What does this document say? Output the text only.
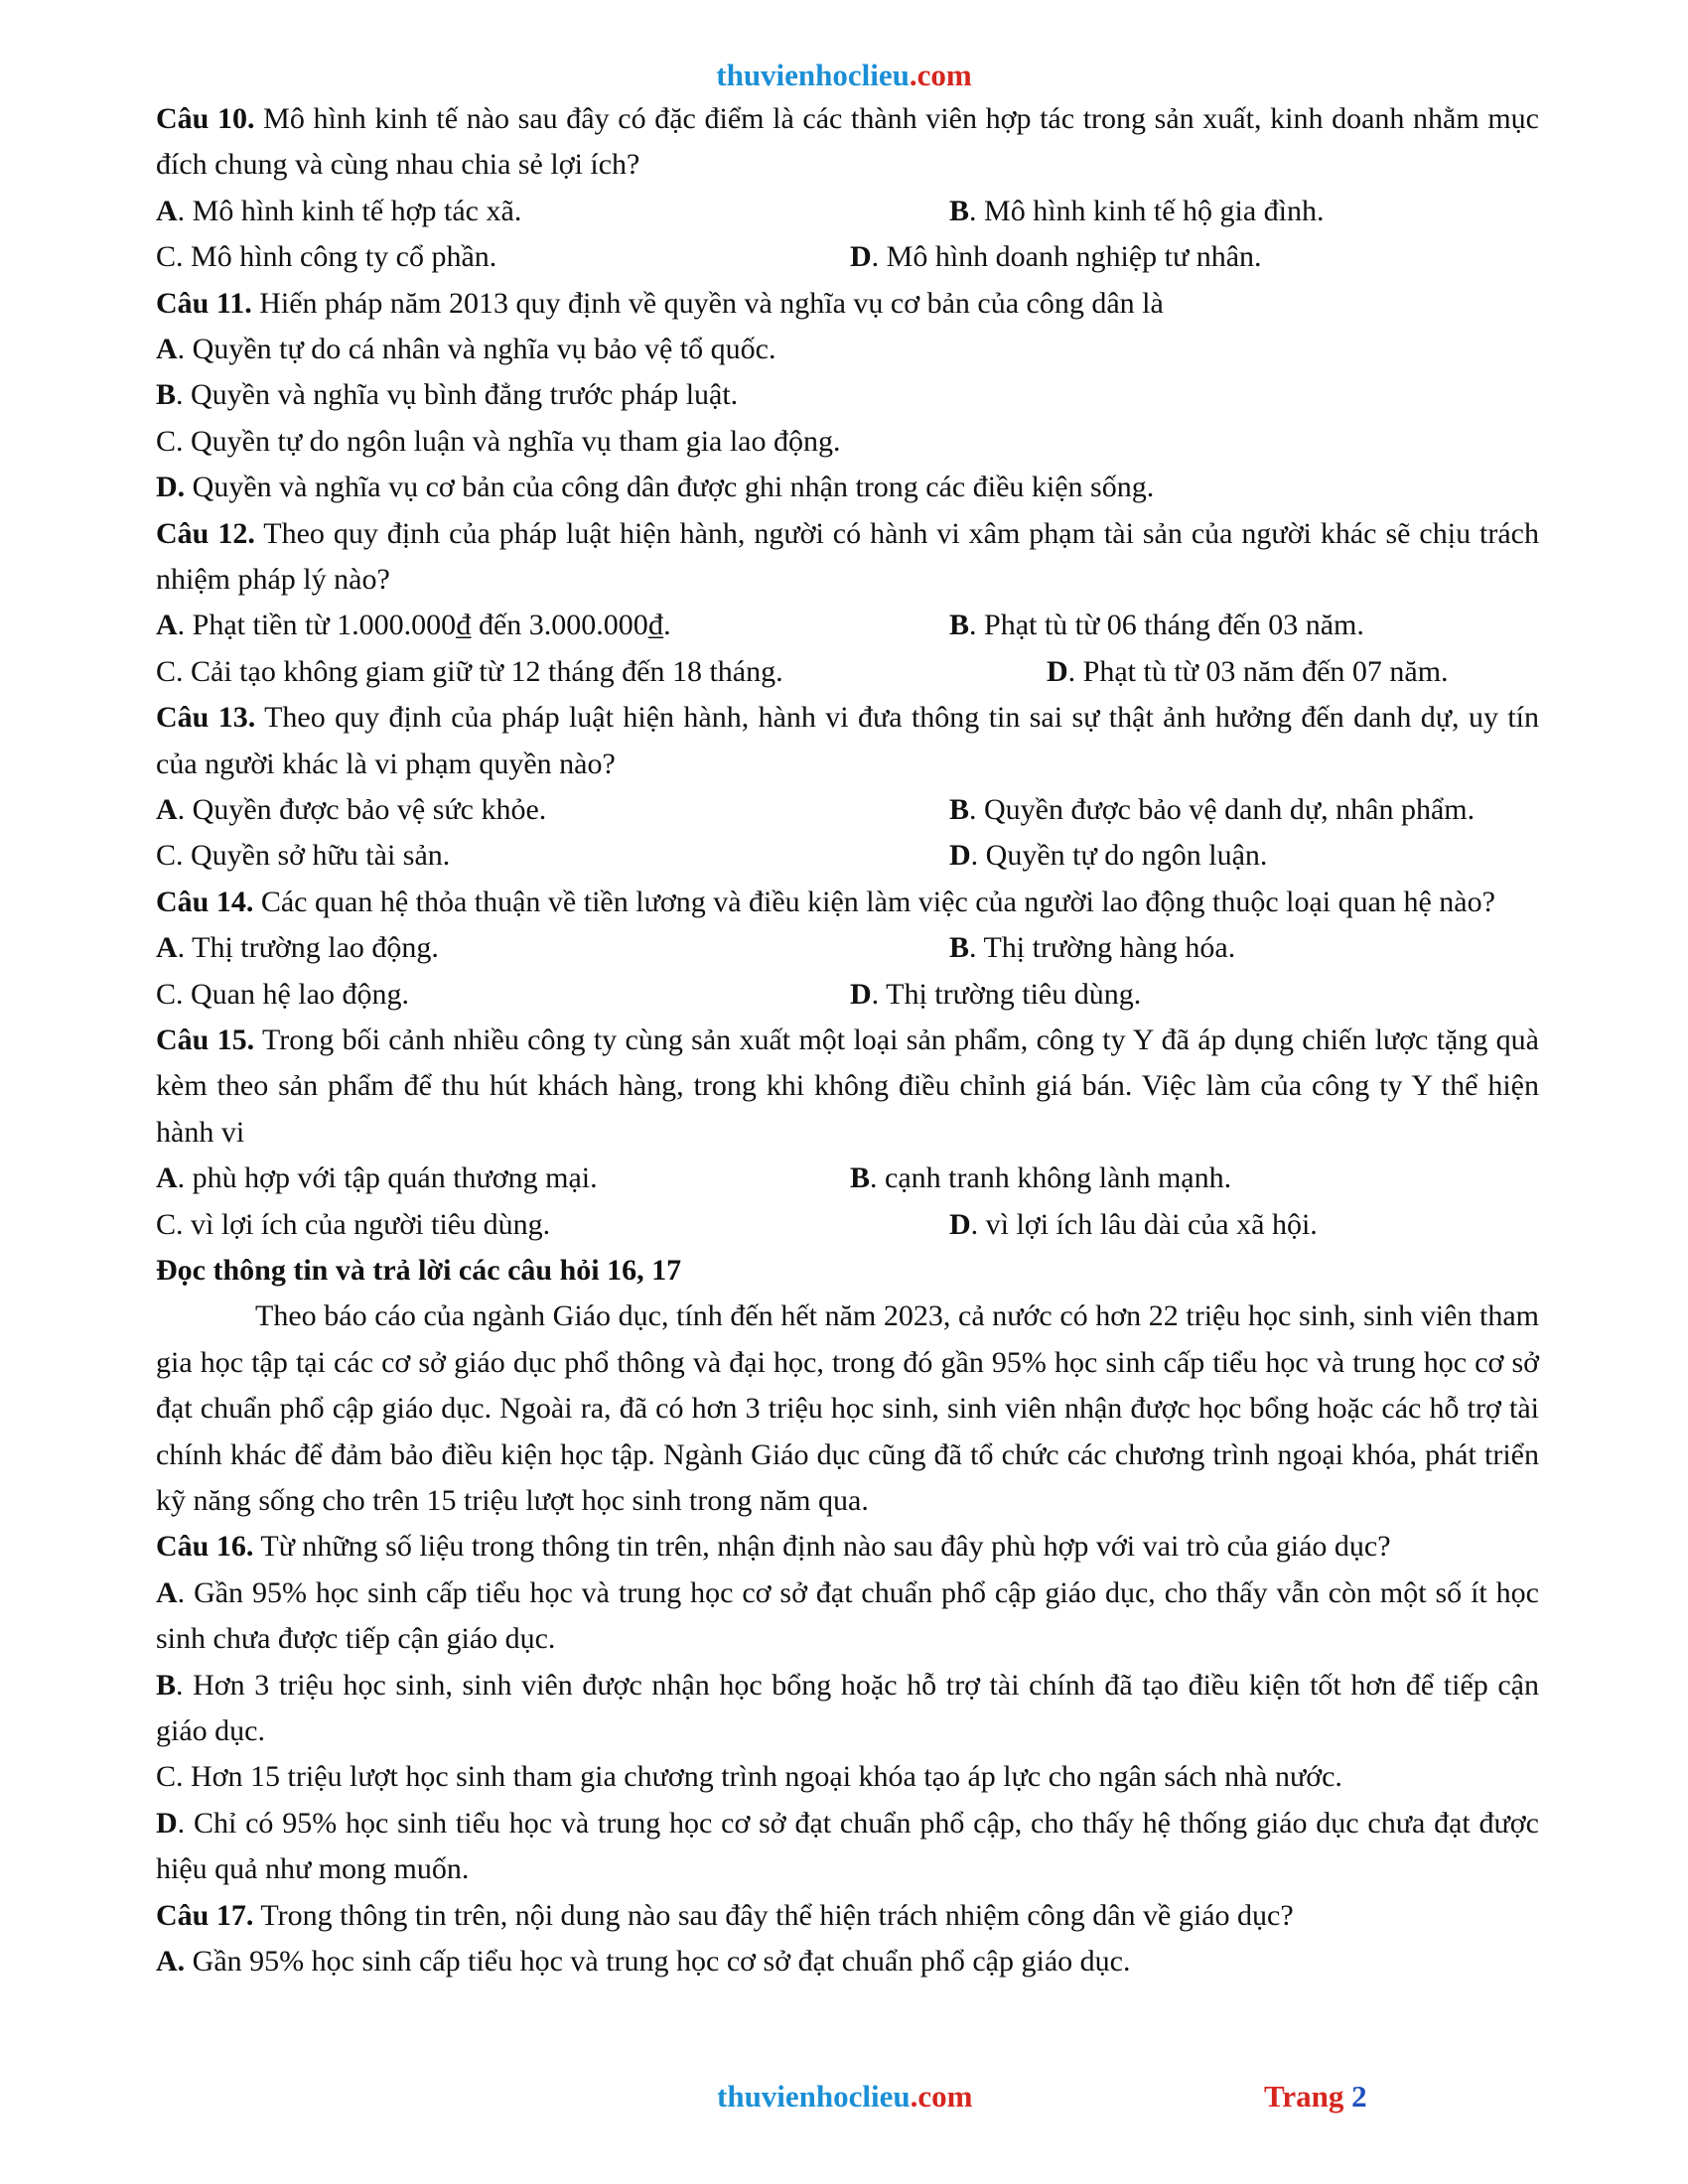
thuvienhoclieu.com

Câu 10. Mô hình kinh tế nào sau đây có đặc điểm là các thành viên hợp tác trong sản xuất, kinh doanh nhằm mục đích chung và cùng nhau chia sẻ lợi ích?

A. Mô hình kinh tế hợp tác xã.	B. Mô hình kinh tế hộ gia đình.
C. Mô hình công ty cổ phần.	D. Mô hình doanh nghiệp tư nhân.

Câu 11. Hiến pháp năm 2013 quy định về quyền và nghĩa vụ cơ bản của công dân là

A. Quyền tự do cá nhân và nghĩa vụ bảo vệ tổ quốc.

B. Quyền và nghĩa vụ bình đẳng trước pháp luật.

C. Quyền tự do ngôn luận và nghĩa vụ tham gia lao động.

D. Quyền và nghĩa vụ cơ bản của công dân được ghi nhận trong các điều kiện sống.

Câu 12. Theo quy định của pháp luật hiện hành, người có hành vi xâm phạm tài sản của người khác sẽ chịu trách nhiệm pháp lý nào?

A. Phạt tiền từ 1.000.000₫ đến 3.000.000₫.	B. Phạt tù từ 06 tháng đến 03 năm.
C. Cải tạo không giam giữ từ 12 tháng đến 18 tháng.	D. Phạt tù từ 03 năm đến 07 năm.

Câu 13. Theo quy định của pháp luật hiện hành, hành vi đưa thông tin sai sự thật ảnh hưởng đến danh dự, uy tín của người khác là vi phạm quyền nào?

A. Quyền được bảo vệ sức khỏe.	B. Quyền được bảo vệ danh dự, nhân phẩm.
C. Quyền sở hữu tài sản.	D. Quyền tự do ngôn luận.

Câu 14. Các quan hệ thỏa thuận về tiền lương và điều kiện làm việc của người lao động thuộc loại quan hệ nào?

A. Thị trường lao động.	B. Thị trường hàng hóa.
C. Quan hệ lao động.	D. Thị trường tiêu dùng.

Câu 15. Trong bối cảnh nhiều công ty cùng sản xuất một loại sản phẩm, công ty Y đã áp dụng chiến lược tặng quà kèm theo sản phẩm để thu hút khách hàng, trong khi không điều chỉnh giá bán. Việc làm của công ty Y thể hiện hành vi

A. phù hợp với tập quán thương mại.	B. cạnh tranh không lành mạnh.
C. vì lợi ích của người tiêu dùng.	D. vì lợi ích lâu dài của xã hội.

Đọc thông tin và trả lời các câu hỏi 16, 17

Theo báo cáo của ngành Giáo dục, tính đến hết năm 2023, cả nước có hơn 22 triệu học sinh, sinh viên tham gia học tập tại các cơ sở giáo dục phổ thông và đại học, trong đó gần 95% học sinh cấp tiểu học và trung học cơ sở đạt chuẩn phổ cập giáo dục. Ngoài ra, đã có hơn 3 triệu học sinh, sinh viên nhận được học bổng hoặc các hỗ trợ tài chính khác để đảm bảo điều kiện học tập. Ngành Giáo dục cũng đã tổ chức các chương trình ngoại khóa, phát triển kỹ năng sống cho trên 15 triệu lượt học sinh trong năm qua.

Câu 16. Từ những số liệu trong thông tin trên, nhận định nào sau đây phù hợp với vai trò của giáo dục?

A. Gần 95% học sinh cấp tiểu học và trung học cơ sở đạt chuẩn phổ cập giáo dục, cho thấy vẫn còn một số ít học sinh chưa được tiếp cận giáo dục.

B. Hơn 3 triệu học sinh, sinh viên được nhận học bổng hoặc hỗ trợ tài chính đã tạo điều kiện tốt hơn để tiếp cận giáo dục.

C. Hơn 15 triệu lượt học sinh tham gia chương trình ngoại khóa tạo áp lực cho ngân sách nhà nước.

D. Chỉ có 95% học sinh tiểu học và trung học cơ sở đạt chuẩn phổ cập, cho thấy hệ thống giáo dục chưa đạt được hiệu quả như mong muốn.

Câu 17. Trong thông tin trên, nội dung nào sau đây thể hiện trách nhiệm công dân về giáo dục?

A. Gần 95% học sinh cấp tiểu học và trung học cơ sở đạt chuẩn phổ cập giáo dục.

thuvienhoclieu.com	Trang 2
